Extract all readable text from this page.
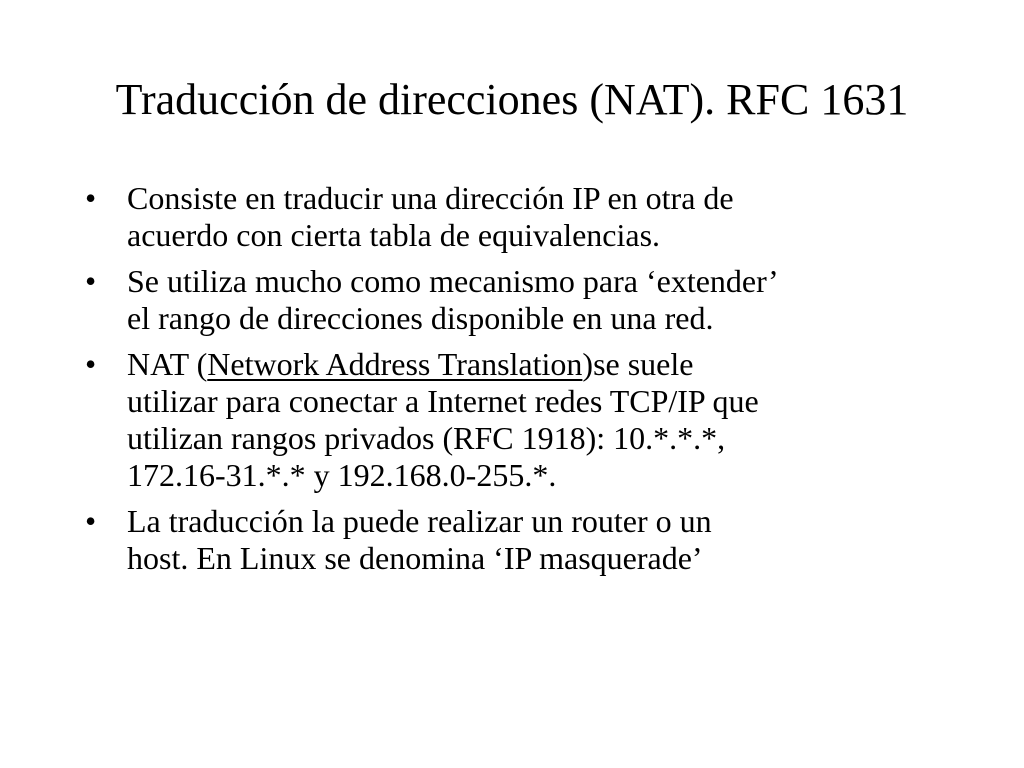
Traducción de direcciones (NAT). RFC 1631
• Consiste en traducir una dirección IP en otra de
acuerdo con cierta tabla de equivalencias.
• Se utiliza mucho como mecanismo para ‘extender’
el rango de direcciones disponible en una red.
• NAT (Network Address Translation)se suele
utilizar para conectar a Internet redes TCP/IP que
utilizan rangos privados (RFC 1918): 10.*.*.*,
172.16-31.*.* y 192.168.0-255.*.
• La traducción la puede realizar un router o un
host. En Linux se denomina ‘IP masquerade’
